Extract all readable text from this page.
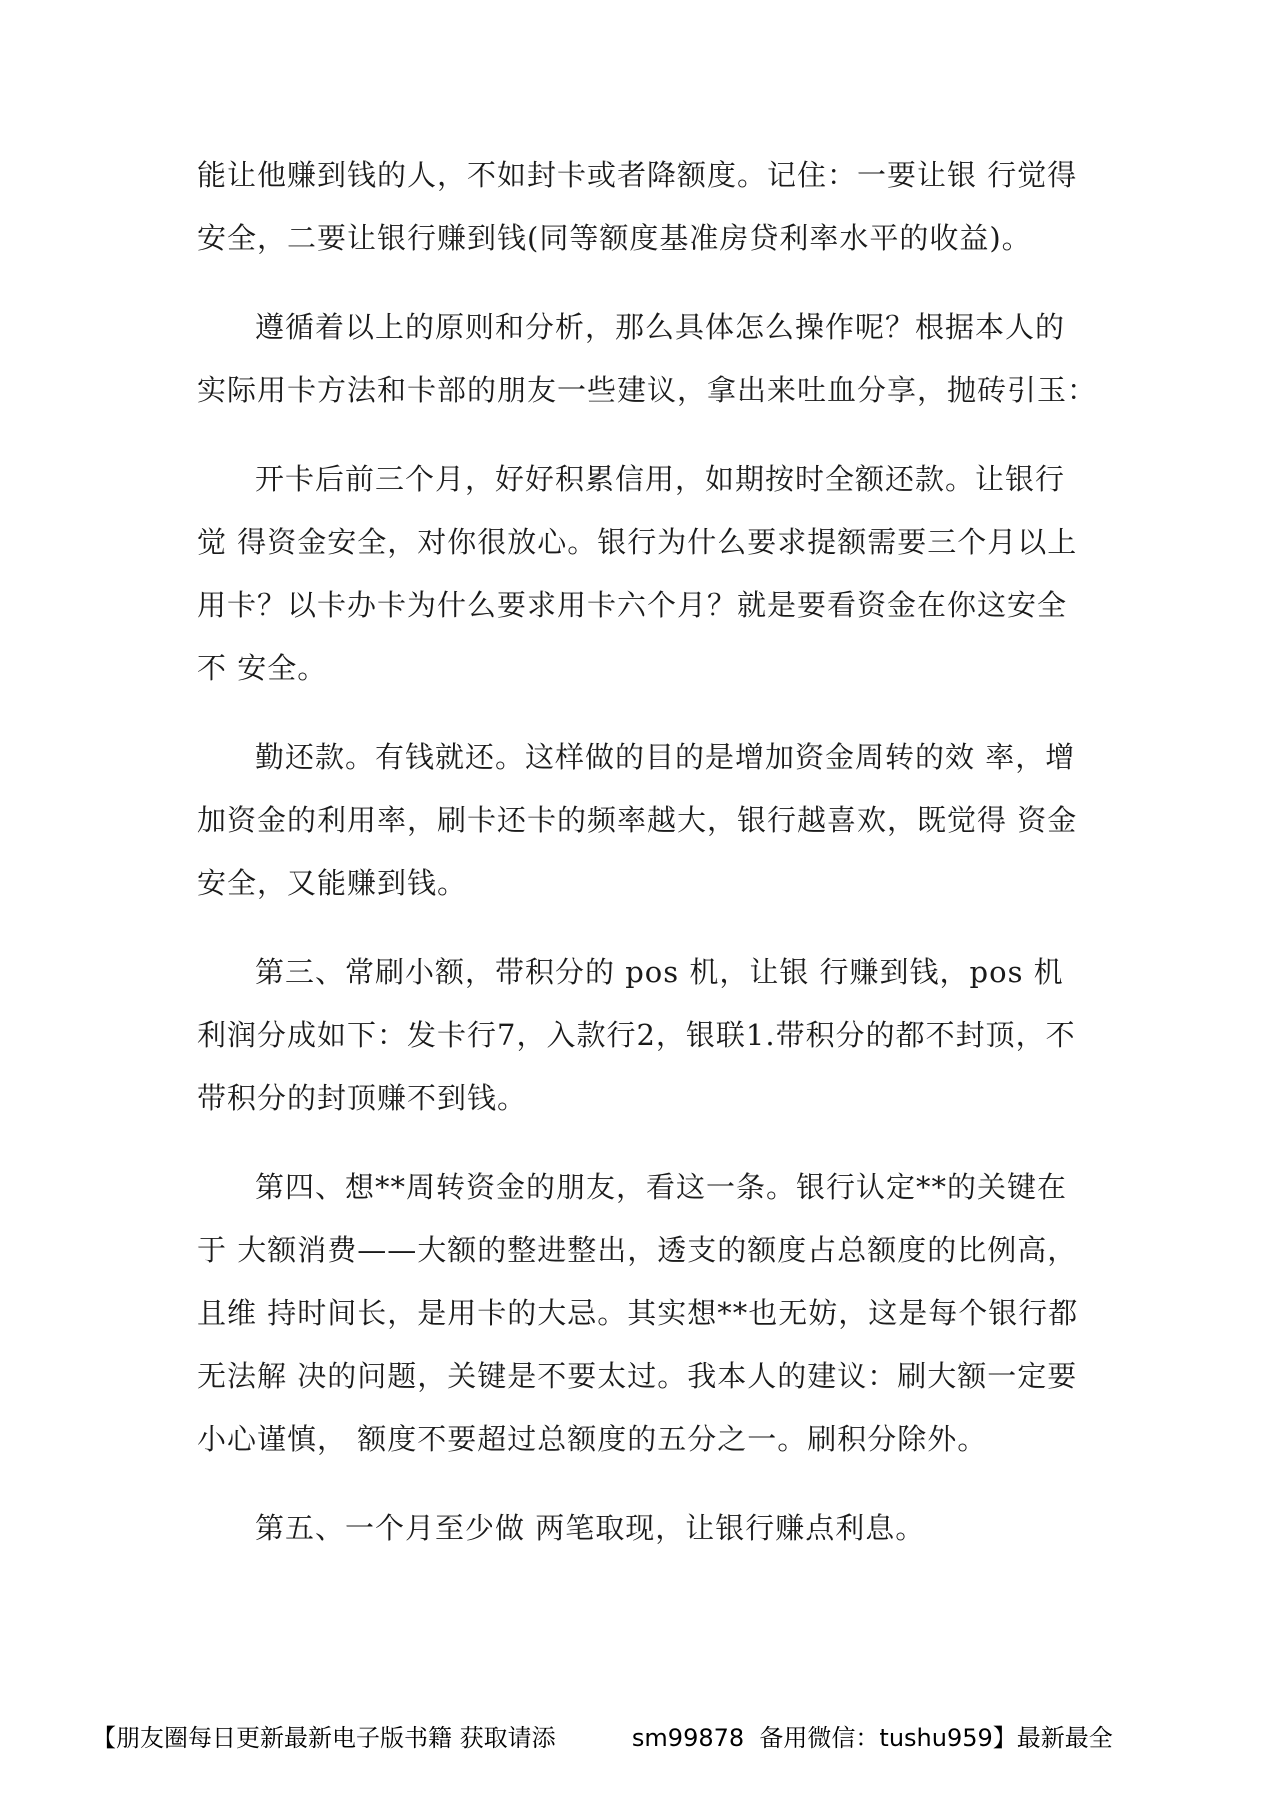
能让他赚到钱的人，不如封卡或者降额度。记住：一要让银 行觉得
安全，二要让银行赚到钱(同等额度基准房贷利率水平的收益)。
遵循着以上的原则和分析，那么具体怎么操作呢？根据本人的
实际用卡方法和卡部的朋友一些建议，拿出来吐血分享，抛砖引玉：
开卡后前三个月，好好积累信用，如期按时全额还款。让银行
觉 得资金安全，对你很放心。银行为什么要求提额需要三个月以上
用卡？以卡办卡为什么要求用卡六个月？就是要看资金在你这安全
不 安全。
勤还款。有钱就还。这样做的目的是增加资金周转的效 率，增
加资金的利用率，刷卡还卡的频率越大，银行越喜欢，既觉得 资金
安全，又能赚到钱。
第三、常刷小额，带积分的 pos 机，让银 行赚到钱，pos 机
利润分成如下：发卡行7，入款行2，银联1.带积分的都不封顶，不
带积分的封顶赚不到钱。
第四、想**周转资金的朋友，看这一条。银行认定**的关键在
于 大额消费——大额的整进整出，透支的额度占总额度的比例高，
且维 持时间长，是用卡的大忌。其实想**也无妨，这是每个银行都
无法解 决的问题，关键是不要太过。我本人的建议：刷大额一定要
小心谨慎， 额度不要超过总额度的五分之一。刷积分除外。
第五、一个月至少做 两笔取现，让银行赚点利息。
【朋友圈每日更新最新电子版书籍 获取请添          sm99878  备用微信：tushu959】最新最全
